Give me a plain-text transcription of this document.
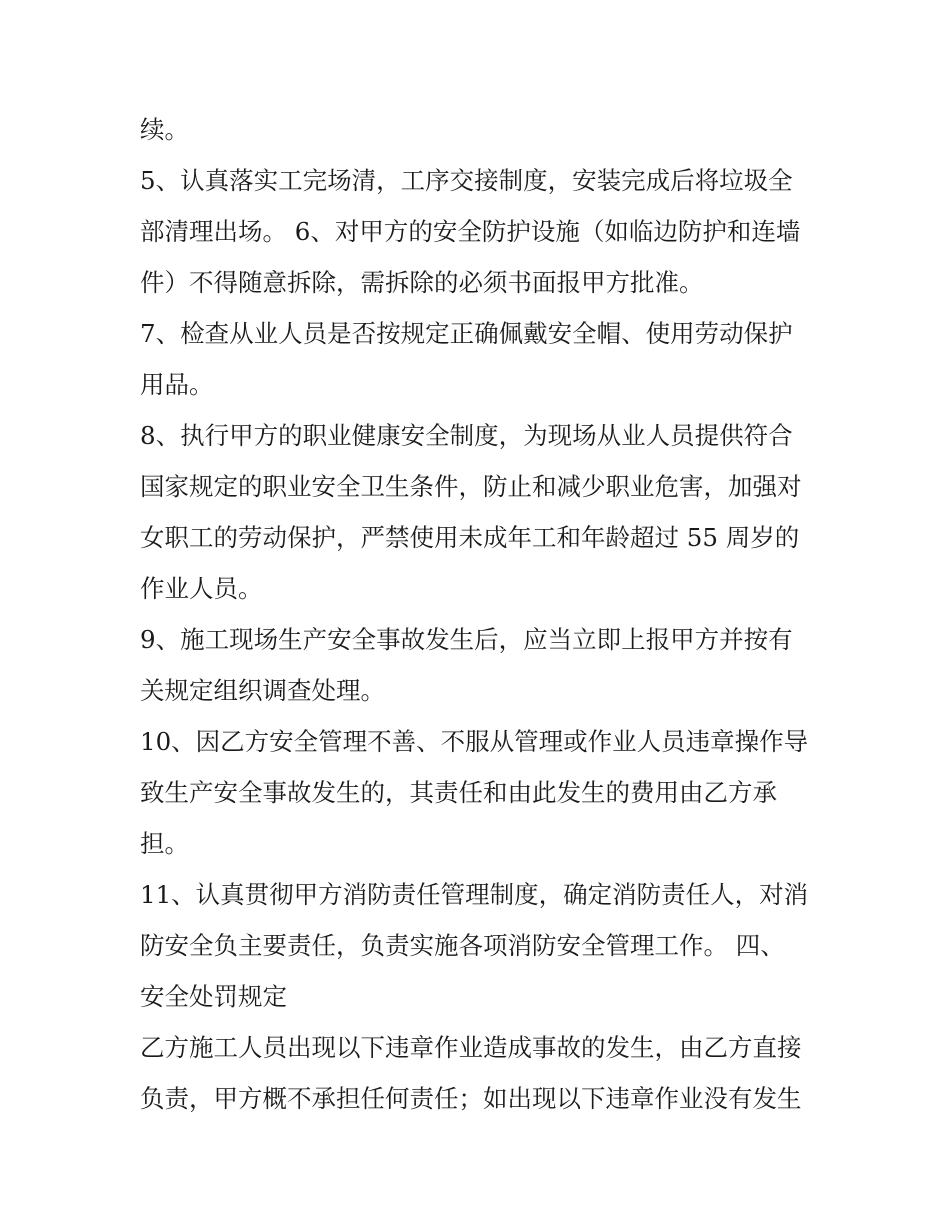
续。
5、认真落实工完场清，工序交接制度，安装完成后将垃圾全
部清理出场。 6、对甲方的安全防护设施（如临边防护和连墙
件）不得随意拆除，需拆除的必须书面报甲方批准。
7、检查从业人员是否按规定正确佩戴安全帽、使用劳动保护
用品。
8、执行甲方的职业健康安全制度，为现场从业人员提供符合
国家规定的职业安全卫生条件，防止和减少职业危害，加强对
女职工的劳动保护，严禁使用未成年工和年龄超过 55 周岁的
作业人员。
9、施工现场生产安全事故发生后，应当立即上报甲方并按有
关规定组织调查处理。
10、因乙方安全管理不善、不服从管理或作业人员违章操作导
致生产安全事故发生的，其责任和由此发生的费用由乙方承
担。
11、认真贯彻甲方消防责任管理制度，确定消防责任人，对消
防安全负主要责任，负责实施各项消防安全管理工作。 四、
安全处罚规定
乙方施工人员出现以下违章作业造成事故的发生，由乙方直接
负责，甲方概不承担任何责任；如出现以下违章作业没有发生
